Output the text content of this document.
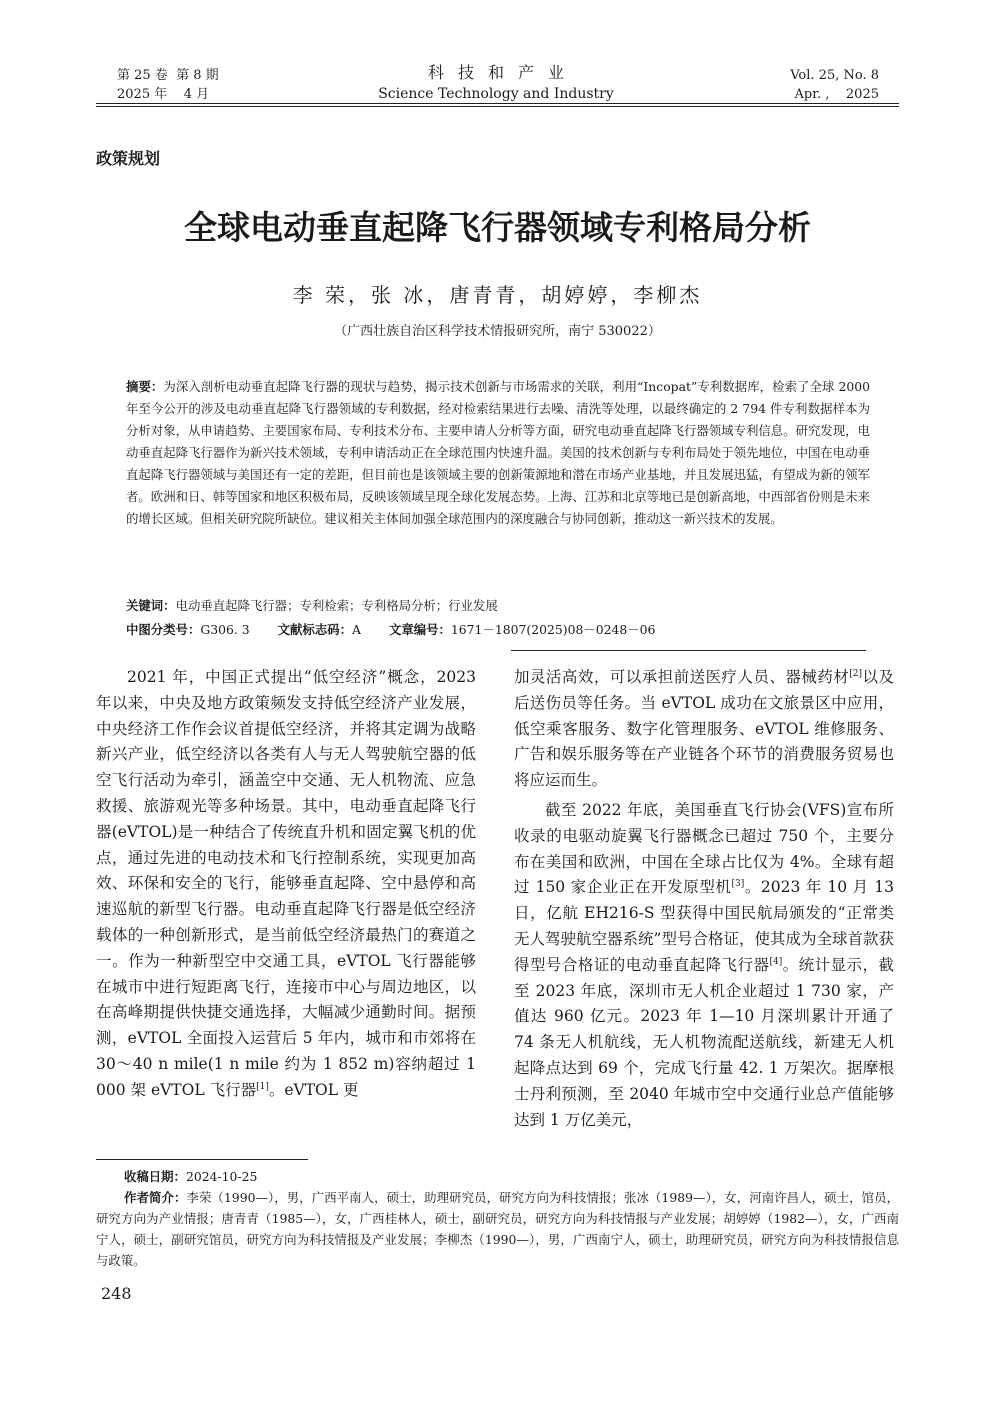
第 25 卷  第 8 期
2025 年    4 月
科技和产业
Science Technology and Industry
Vol. 25, No. 8
Apr. ,    2025
政策规划
全球电动垂直起降飞行器领域专利格局分析
李 荣，张 冰，唐青青，胡婷婷，李柳杰
（广西壮族自治区科学技术情报研究所，南宁 530022）
摘要：为深入剖析电动垂直起降飞行器的现状与趋势，揭示技术创新与市场需求的关联，利用“Incopat”专利数据库，检索了全球 2000 年至今公开的涉及电动垂直起降飞行器领域的专利数据，经对检索结果进行去噪、清洗等处理，以最终确定的 2 794 件专利数据样本为分析对象，从申请趋势、主要国家布局、专利技术分布、主要申请人分析等方面，研究电动垂直起降飞行器领域专利信息。研究发现，电动垂直起降飞行器作为新兴技术领域，专利申请活动正在全球范围内快速升温。美国的技术创新与专利布局处于领先地位，中国在电动垂直起降飞行器领域与美国还有一定的差距，但目前也是该领域主要的创新策源地和潜在市场产业基地，并且发展迅猛，有望成为新的领军者。欧洲和日、韩等国家和地区积极布局，反映该领域呈现全球化发展态势。上海、江苏和北京等地已是创新高地，中西部省份则是未来的增长区域。但相关研究院所缺位。建议相关主体间加强全球范围内的深度融合与协同创新，推动这一新兴技术的发展。
关键词：电动垂直起降飞行器；专利检索；专利格局分析；行业发展
中图分类号：G306. 3 文献标志码：A 文章编号：1671－1807(2025)08－0248－06

2021 年，中国正式提出“低空经济”概念，2023 年以来，中央及地方政策频发支持低空经济产业发展，中央经济工作作会议首提低空经济，并将其定调为战略新兴产业，低空经济以各类有人与无人驾驶航空器的低空飞行活动为牵引，涵盖空中交通、无人机物流、应急救援、旅游观光等多种场景。其中，电动垂直起降飞行器(eVTOL)是一种结合了传统直升机和固定翼飞机的优点，通过先进的电动技术和飞行控制系统，实现更加高效、环保和安全的飞行，能够垂直起降、空中悬停和高速巡航的新型飞行器。电动垂直起降飞行器是低空经济载体的一种创新形式，是当前低空经济最热门的赛道之一。作为一种新型空中交通工具，eVTOL 飞行器能够在城市中进行短距离飞行，连接市中心与周边地区，以在高峰期提供快捷交通选择，大幅减少通勤时间。据预测，eVTOL 全面投入运营后 5 年内，城市和市郊将在 30～40 n mile(1 n mile 约为 1 852 m)容纳超过 1 000 架 eVTOL 飞行器[1]。eVTOL 更

加灵活高效，可以承担前送医疗人员、器械药材[2]以及后送伤员等任务。当 eVTOL 成功在文旅景区中应用，低空乘客服务、数字化管理服务、eVTOL 维修服务、广告和娱乐服务等在产业链各个环节的消费服务贸易也将应运而生。

截至 2022 年底，美国垂直飞行协会(VFS)宣布所收录的电驱动旋翼飞行器概念已超过 750 个，主要分布在美国和欧洲，中国在全球占比仅为 4%。全球有超过 150 家企业正在开发原型机[3]。2023 年 10 月 13 日，亿航 EH216-S 型获得中国民航局颁发的“正常类无人驾驶航空器系统”型号合格证，使其成为全球首款获得型号合格证的电动垂直起降飞行器[4]。统计显示，截至 2023 年底，深圳市无人机企业超过 1 730 家，产值达 960 亿元。2023 年 1—10 月深圳累计开通了 74 条无人机航线，无人机物流配送航线，新建无人机起降点达到 69 个，完成飞行量 42. 1 万架次。据摩根士丹利预测，至 2040 年城市空中交通行业总产值能够达到 1 万亿美元，

收稿日期：2024-10-25
作者简介：李荣（1990—），男，广西平南人，硕士，助理研究员，研究方向为科技情报；张冰（1989—），女，河南许昌人，硕士，馆员，研究方向为产业情报；唐青青（1985—），女，广西桂林人，硕士，副研究员，研究方向为科技情报与产业发展；胡婷婷（1982—），女，广西南宁人，硕士，副研究馆员，研究方向为科技情报及产业发展；李柳杰（1990—），男，广西南宁人，硕士，助理研究员，研究方向为科技情报信息与政策。
248
